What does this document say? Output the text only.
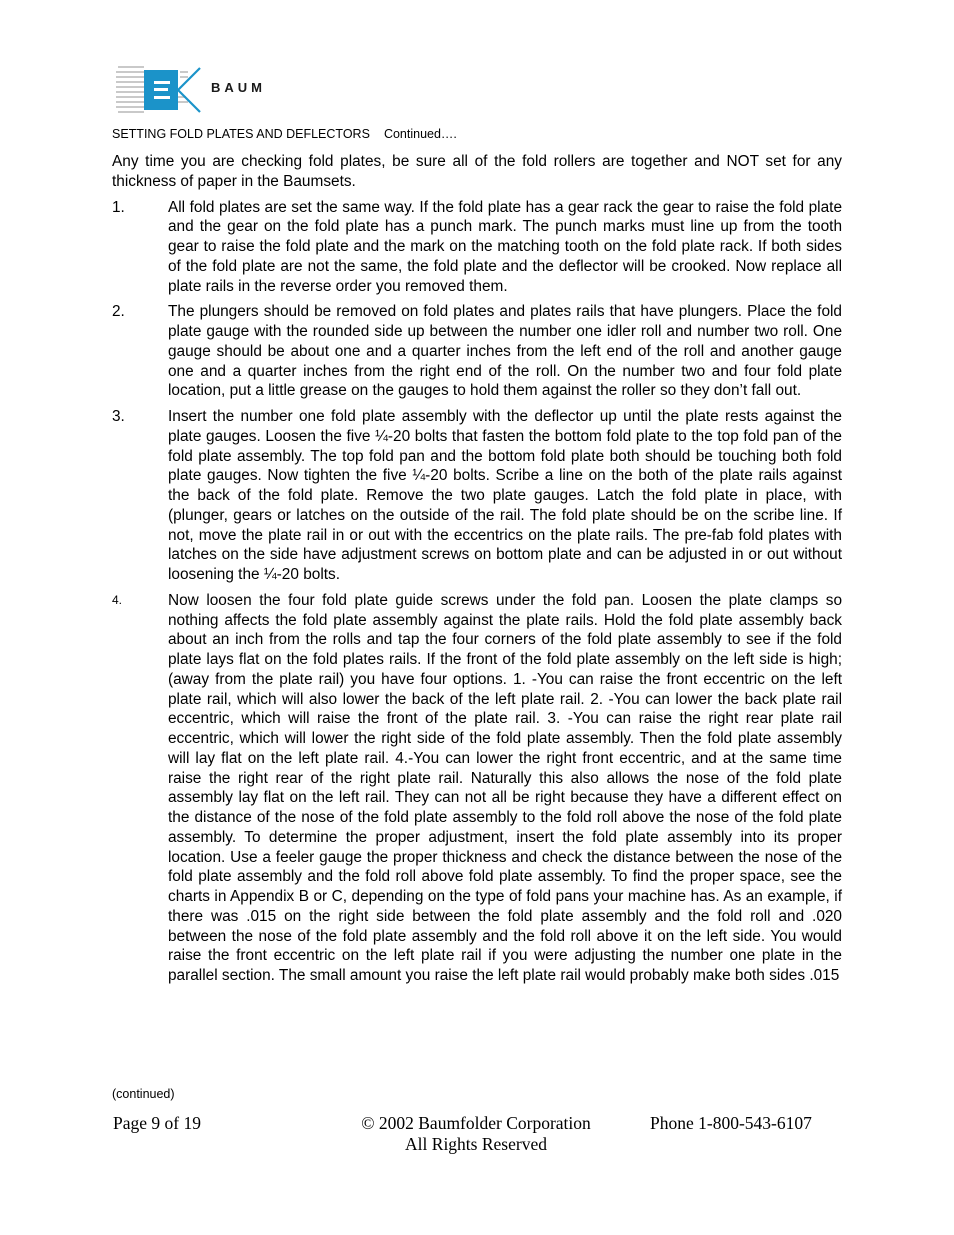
BAUM
SETTING FOLD PLATES AND DEFLECTORS Continued….

Any time you are checking fold plates, be sure all of the fold rollers are together and NOT set for any thickness of paper in the Baumsets.

1.	All fold plates are set the same way. If the fold plate has a gear rack the gear to raise the fold plate and the gear on the fold plate has a punch mark. The punch marks must line up from the tooth gear to raise the fold plate and the mark on the matching tooth on the fold plate rack. If both sides of the fold plate are not the same, the fold plate and the deflector will be crooked. Now replace all plate rails in the reverse order you removed them.
2.	The plungers should be removed on fold plates and plates rails that have plungers. Place the fold plate gauge with the rounded side up between the number one idler roll and number two roll. One gauge should be about one and a quarter inches from the left end of the roll and another gauge one and a quarter inches from the right end of the roll. On the number two and four fold plate location, put a little grease on the gauges to hold them against the roller so they don’t fall out.
3.	Insert the number one fold plate assembly with the deflector up until the plate rests against the plate gauges. Loosen the five ¼-20 bolts that fasten the bottom fold plate to the top fold pan of the fold plate assembly. The top fold pan and the bottom fold plate both should be touching both fold plate gauges. Now tighten the five ¼-20 bolts. Scribe a line on the both of the plate rails against the back of the fold plate. Remove the two plate gauges. Latch the fold plate in place, with (plunger, gears or latches on the outside of the rail. The fold plate should be on the scribe line. If not, move the plate rail in or out with the eccentrics on the plate rails. The pre-fab fold plates with latches on the side have adjustment screws on bottom plate and can be adjusted in or out without loosening the ¼-20 bolts.
4.	Now loosen the four fold plate guide screws under the fold pan. Loosen the plate clamps so nothing affects the fold plate assembly against the plate rails. Hold the fold plate assembly back about an inch from the rolls and tap the four corners of the fold plate assembly to see if the fold plate lays flat on the fold plates rails. If the front of the fold plate assembly on the left side is high; (away from the plate rail) you have four options. 1. -You can raise the front eccentric on the left plate rail, which will also lower the back of the left plate rail. 2. -You can lower the back plate rail eccentric, which will raise the front of the plate rail. 3. -You can raise the right rear plate rail eccentric, which will lower the right side of the fold plate assembly. Then the fold plate assembly will lay flat on the left plate rail. 4.-You can lower the right front eccentric, and at the same time raise the right rear of the right plate rail. Naturally this also allows the nose of the fold plate assembly lay flat on the left rail. They can not all be right because they have a different effect on the distance of the nose of the fold plate assembly to the fold roll above the nose of the fold plate assembly. To determine the proper adjustment, insert the fold plate assembly into its proper location. Use a feeler gauge the proper thickness and check the distance between the nose of the fold plate assembly and the fold roll above fold plate assembly. To find the proper space, see the charts in Appendix B or C, depending on the type of fold pans your machine has. As an example, if there was .015 on the right side between the fold plate assembly and the fold roll and .020 between the nose of the fold plate assembly and the fold roll above it on the left side. You would raise the front eccentric on the left plate rail if you were adjusting the number one plate in the parallel section. The small amount you raise the left plate rail would probably make both sides .015
(continued)
Page 9 of 19	© 2002 Baumfolder Corporation
All Rights Reserved
Phone 1-800-543-6107
